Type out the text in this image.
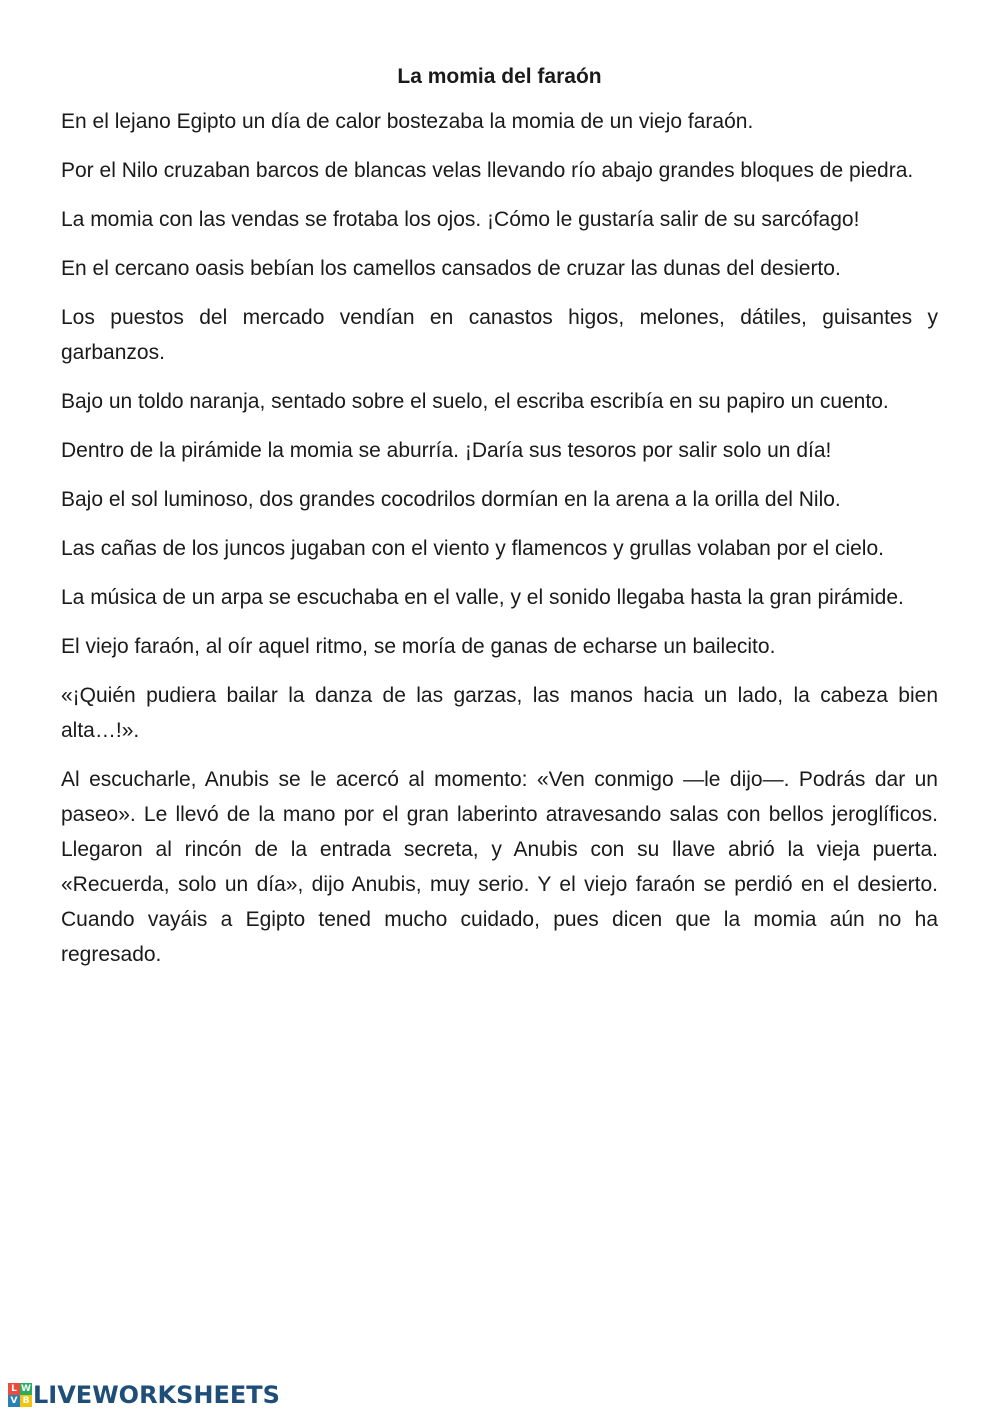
La momia del faraón

En el lejano Egipto un día de calor bostezaba la momia de un viejo faraón.

Por el Nilo cruzaban barcos de blancas velas llevando río abajo grandes bloques de piedra.

La momia con las vendas se frotaba los ojos. ¡Cómo le gustaría salir de su sarcófago!

En el cercano oasis bebían los camellos cansados de cruzar las dunas del desierto.

Los puestos del mercado vendían en canastos higos, melones, dátiles, guisantes y garbanzos.

Bajo un toldo naranja, sentado sobre el suelo, el escriba escribía en su papiro un cuento.

Dentro de la pirámide la momia se aburría. ¡Daría sus tesoros por salir solo un día!

Bajo el sol luminoso, dos grandes cocodrilos dormían en la arena a la orilla del Nilo.

Las cañas de los juncos jugaban con el viento y flamencos y grullas volaban por el cielo.

La música de un arpa se escuchaba en el valle, y el sonido llegaba hasta la gran pirámide.

El viejo faraón, al oír aquel ritmo, se moría de ganas de echarse un bailecito.

«¡Quién pudiera bailar la danza de las garzas, las manos hacia un lado, la cabeza bien alta…!».

Al escucharle, Anubis se le acercó al momento: «Ven conmigo —le dijo—. Podrás dar un paseo». Le llevó de la mano por el gran laberinto atravesando salas con bellos jeroglíficos. Llegaron al rincón de la entrada secreta, y Anubis con su llave abrió la vieja puerta. «Recuerda, solo un día», dijo Anubis, muy serio. Y el viejo faraón se perdió en el desierto. Cuando vayáis a Egipto tened mucho cuidado, pues dicen que la momia aún no ha regresado.

L W
V B LIVEWORKSHEETS
